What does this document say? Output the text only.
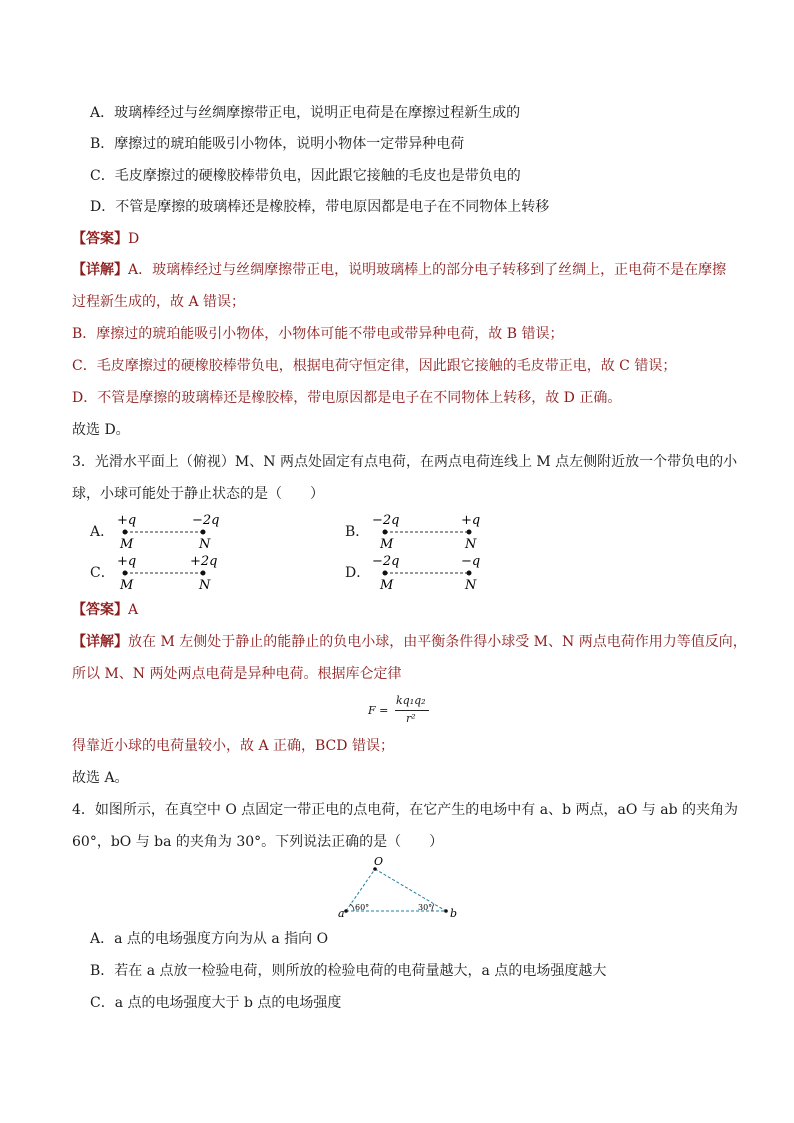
A．玻璃棒经过与丝绸摩擦带正电，说明正电荷是在摩擦过程新生成的
B．摩擦过的琥珀能吸引小物体，说明小物体一定带异种电荷
C．毛皮摩擦过的硬橡胶棒带负电，因此跟它接触的毛皮也是带负电的
D．不管是摩擦的玻璃棒还是橡胶棒，带电原因都是电子在不同物体上转移
【答案】D
【详解】A．玻璃棒经过与丝绸摩擦带正电，说明玻璃棒上的部分电子转移到了丝绸上，正电荷不是在摩擦
过程新生成的，故 A 错误；
B．摩擦过的琥珀能吸引小物体，小物体可能不带电或带异种电荷，故 B 错误；
C．毛皮摩擦过的硬橡胶棒带负电，根据电荷守恒定律，因此跟它接触的毛皮带正电，故 C 错误；
D．不管是摩擦的玻璃棒还是橡胶棒，带电原因都是电子在不同物体上转移，故 D 正确。
故选 D。
3．光滑水平面上（俯视）M、N 两点处固定有点电荷，在两点电荷连线上 M 点左侧附近放一个带负电的小
球，小球可能处于静止状态的是（　　）
A．
+q	−2q
M	N
B．
−2q	+q
M	N
C．
+q	+2q
M	N
D．
−2q	−q
M	N
【答案】A
【详解】放在 M 左侧处于静止的能静止的负电小球，由平衡条件得小球受 M、N 两点电荷作用力等值反向，
所以 M、N 两处两点电荷是异种电荷。根据库仑定律
F =
kq₁q₂
r²
得靠近小球的电荷量较小，故 A 正确，BCD 错误；
故选 A。
4．如图所示，在真空中 O 点固定一带正电的点电荷，在它产生的电场中有 a、b 两点，aO 与 ab 的夹角为
60°，bO 与 ba 的夹角为 30°。下列说法正确的是（　　）
O
a	b
60°	30°
A．a 点的电场强度方向为从 a 指向 O
B．若在 a 点放一检验电荷，则所放的检验电荷的电荷量越大，a 点的电场强度越大
C．a 点的电场强度大于 b 点的电场强度
